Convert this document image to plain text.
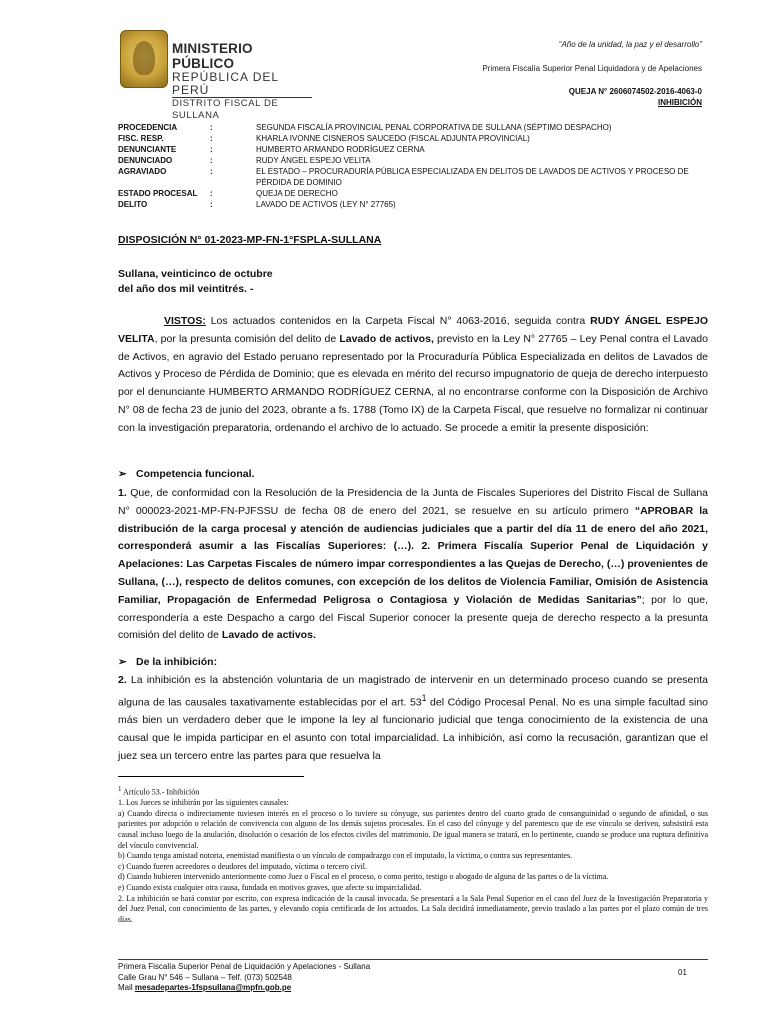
MINISTERIO PÚBLICO
REPÚBLICA DEL PERÚ
DISTRITO FISCAL DE SULLANA
“Año de la unidad, la paz y el desarrollo”
Primera Fiscalía Superior Penal Liquidadora y de Apelaciones
QUEJA N° 2606074502-2016-4063-0
INHIBICIÓN
PROCEDENCIA	:	SEGUNDA FISCALÍA PROVINCIAL PENAL CORPORATIVA DE SULLANA (SÉPTIMO DESPACHO)
FISC. RESP.	:	KHARLA IVONNE CISNEROS SAUCEDO (FISCAL ADJUNTA PROVINCIAL)
DENUNCIANTE	:	HUMBERTO ARMANDO RODRÍGUEZ CERNA
DENUNCIADO	:	RUDY ÁNGEL ESPEJO VELITA
AGRAVIADO	:	EL ESTADO – PROCURADURÍA PÚBLICA ESPECIALIZADA EN DELITOS DE LAVADOS DE ACTIVOS Y PROCESO DE PÉRDIDA DE DOMINIO
ESTADO PROCESAL	:	QUEJA DE DERECHO
DELITO	:	LAVADO DE ACTIVOS (LEY N° 27765)
DISPOSICIÓN N° 01-2023-MP-FN-1°FSPLA-SULLANA
Sullana, veinticinco de octubre
del año dos mil veintitrés. -
VISTOS: Los actuados contenidos en la Carpeta Fiscal N° 4063-2016, seguida contra RUDY ÁNGEL ESPEJO VELITA, por la presunta comisión del delito de Lavado de activos, previsto en la Ley N° 27765 – Ley Penal contra el Lavado de Activos, en agravio del Estado peruano representado por la Procuraduría Pública Especializada en delitos de Lavados de Activos y Proceso de Pérdida de Dominio; que es elevada en mérito del recurso impugnatorio de queja de derecho interpuesto por el denunciante HUMBERTO ARMANDO RODRÍGUEZ CERNA, al no encontrarse conforme con la Disposición de Archivo N° 08 de fecha 23 de junio del 2023, obrante a fs. 1788 (Tomo IX) de la Carpeta Fiscal, que resuelve no formalizar ni continuar con la investigación preparatoria, ordenando el archivo de lo actuado. Se procede a emitir la presente disposición:
➢ Competencia funcional.
1. Que, de conformidad con la Resolución de la Presidencia de la Junta de Fiscales Superiores del Distrito Fiscal de Sullana N° 000023-2021-MP-FN-PJFSSU de fecha 08 de enero del 2021, se resuelve en su artículo primero “APROBAR la distribución de la carga procesal y atención de audiencias judiciales que a partir del día 11 de enero del año 2021, corresponderá asumir a las Fiscalías Superiores: (…). 2. Primera Fiscalía Superior Penal de Liquidación y Apelaciones: Las Carpetas Fiscales de número impar correspondientes a las Quejas de Derecho, (…) provenientes de Sullana, (…), respecto de delitos comunes, con excepción de los delitos de Violencia Familiar, Omisión de Asistencia Familiar, Propagación de Enfermedad Peligrosa o Contagiosa y Violación de Medidas Sanitarias”; por lo que, correspondería a este Despacho a cargo del Fiscal Superior conocer la presente queja de derecho respecto a la presunta comisión del delito de Lavado de activos.
➢ De la inhibición:
2. La inhibición es la abstención voluntaria de un magistrado de intervenir en un determinado proceso cuando se presenta alguna de las causales taxativamente establecidas por el art. $53^1$ del Código Procesal Penal. No es una simple facultad sino más bien un verdadero deber que le impone la ley al funcionario judicial que tenga conocimiento de la existencia de una causal que le impida participar en el asunto con total imparcialidad. La inhibición, así como la recusación, garantizan que el juez sea un tercero entre las partes para que resuelva la
$^1$ Artículo 53.- Inhibición
1. Los Jueces se inhibirán por las siguientes causales:
a) Cuando directa o indirectamente tuviesen interés en el proceso o lo tuviere su cónyuge, sus parientes dentro del cuarto grado de consanguinidad o segundo de afinidad, o sus parientes por adopción o relación de convivencia con alguno de los demás sujetos procesales. En el caso del cónyuge y del parentesco que de ese vínculo se deriven, subsistirá esta causal incluso luego de la anulación, disolución o cesación de los efectos civiles del matrimonio. De igual manera se tratará, en lo pertinente, cuando se produce una ruptura definitiva del vínculo convivencial.
b) Cuando tenga amistad notoria, enemistad manifiesta o un vínculo de compadrazgo con el imputado, la víctima, o contra sus representantes.
c) Cuando fueren acreedores o deudores del imputado, víctima o tercero civil.
d) Cuando hubieren intervenido anteriormente como Juez o Fiscal en el proceso, o como perito, testigo o abogado de alguna de las partes o de la víctima.
e) Cuando exista cualquier otra causa, fundada en motivos graves, que afecte su imparcialidad.
2. La inhibición se hará constar por escrito, con expresa indicación de la causal invocada. Se presentará a la Sala Penal Superior en el caso del Juez de la Investigación Preparatoria y del Juez Penal, con conocimiento de las partes, y elevando copia certificada de los actuados. La Sala decidirá inmediatamente, previo traslado a las partes por el plazo común de tres días.
Primera Fiscalía Superior Penal de Liquidación y Apelaciones - Sullana
Calle Grau N° 546 – Sullana – Telf. (073) 502548
Mail mesadepartes-1fspsullana@mpfn.gob.pe
01
